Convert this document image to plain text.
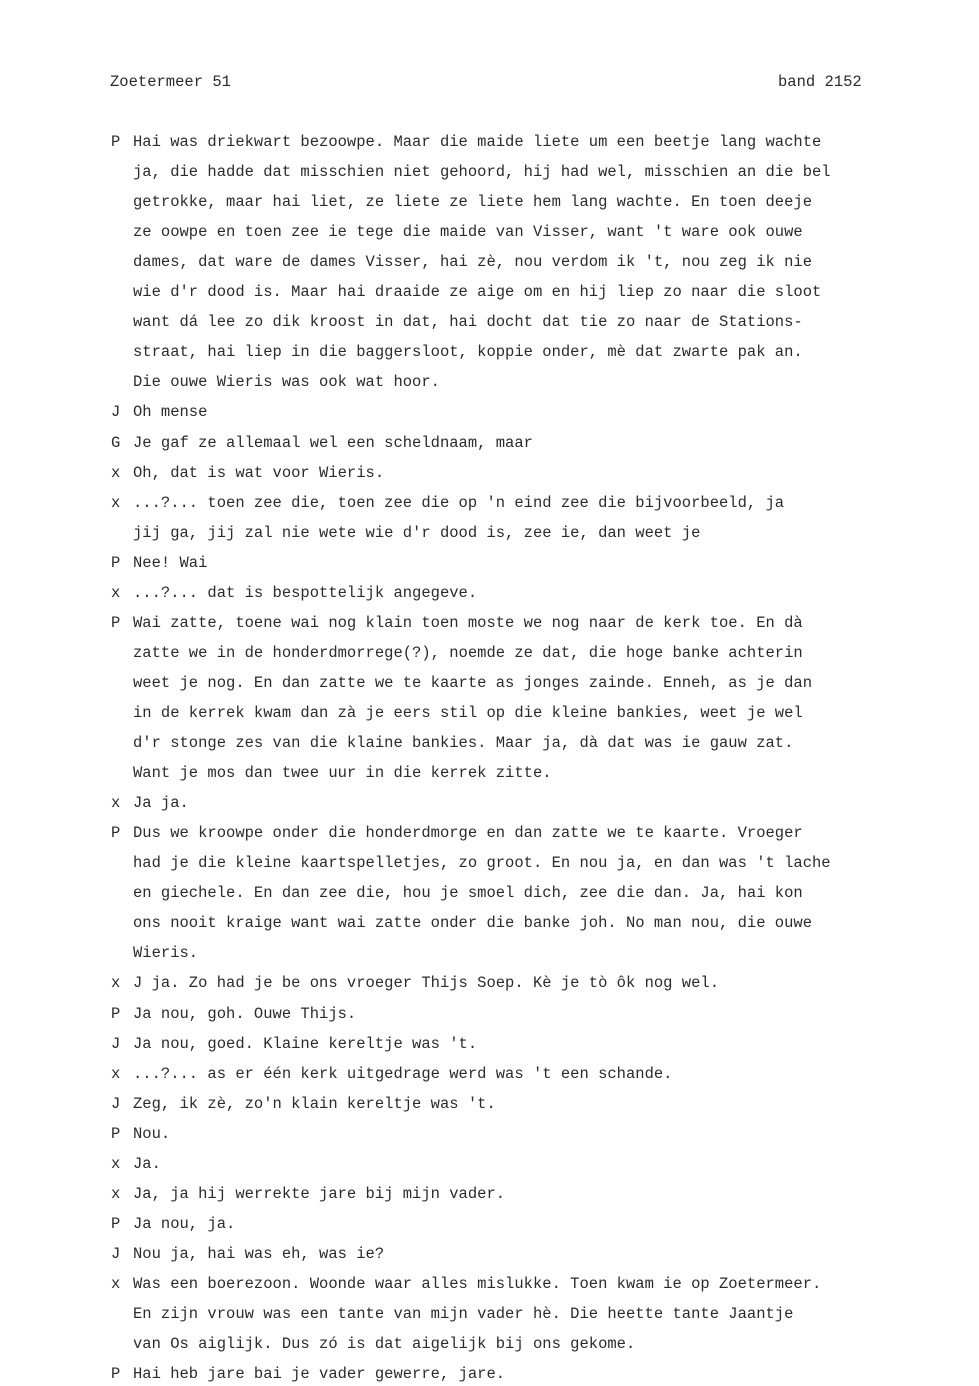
Zoetermeer 51	band 2152
P Hai was driekwart bezoowpe. Maar die maide liete um een beetje lang wachte
ja, die hadde dat misschien niet gehoord, hij had wel, misschien an die bel
getrokke, maar hai liet, ze liete ze liete hem lang wachte. En toen deeje
ze oowpe en toen zee ie tege die maide van Visser, want 't ware ook ouwe
dames, dat ware de dames Visser, hai zè, nou verdom ik 't, nou zeg ik nie
wie d'r dood is. Maar hai draaide ze aige om en hij liep zo naar die sloot
want dá lee zo dik kroost in dat, hai docht dat tie zo naar de Stations-
straat, hai liep in die baggersloot, koppie onder, mè dat zwarte pak an.
Die ouwe Wieris was ook wat hoor.
J Oh mense
G Je gaf ze allemaal wel een scheldnaam, maar
x Oh, dat is wat voor Wieris.
x ...?... toen zee die, toen zee die op 'n eind zee die bijvoorbeeld, ja
jij ga, jij zal nie wete wie d'r dood is, zee ie, dan weet je
P Nee! Wai
x ...?... dat is bespottelijk angegeve.
P Wai zatte, toene wai nog klain toen moste we nog naar de kerk toe. En dà
zatte we in de honderdmorrege(?), noemde ze dat, die hoge banke achterin
weet je nog. En dan zatte we te kaarte as jonges zainde. Enneh, as je dan
in de kerrek kwam dan zà je eers stil op die kleine bankies, weet je wel
d'r stonge zes van die klaine bankies. Maar ja, dà dat was ie gauw zat.
Want je mos dan twee uur in die kerrek zitte.
x Ja ja.
P Dus we kroowpe onder die honderdmorge en dan zatte we te kaarte. Vroeger
had je die kleine kaartspelletjes, zo groot. En nou ja, en dan was 't lache
en giechele. En dan zee die, hou je smoel dich, zee die dan. Ja, hai kon
ons nooit kraige want wai zatte onder die banke joh. No man nou, die ouwe
Wieris.
x J ja. Zo had je be ons vroeger Thijs Soep. Kè je tò ôk nog wel.
P Ja nou, goh. Ouwe Thijs.
J Ja nou, goed. Klaine kereltje was 't.
x ...?... as er één kerk uitgedrage werd was 't een schande.
J Zeg, ik zè, zo'n klain kereltje was 't.
P Nou.
x Ja.
x Ja, ja hij werrekte jare bij mijn vader.
P Ja nou, ja.
J Nou ja, hai was eh, was ie?
x Was een boerezoon. Woonde waar alles mislukke. Toen kwam ie op Zoetermeer.
En zijn vrouw was een tante van mijn vader hè. Die heette tante Jaantje
van Os aiglijk. Dus zó is dat aigelijk bij ons gekome.
P Hai heb jare bai je vader gewerre, jare.
